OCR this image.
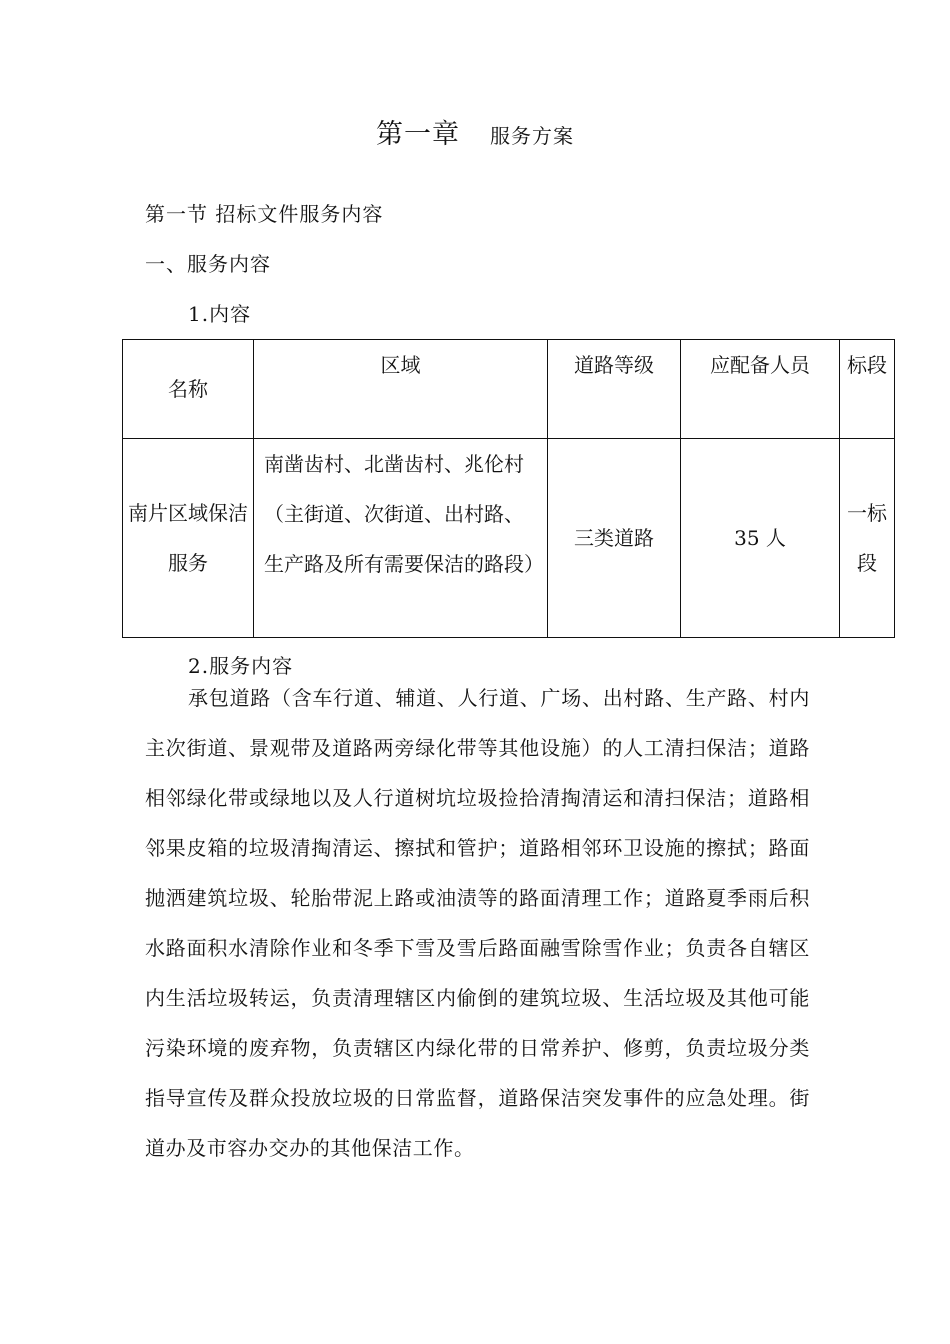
第一章 服务方案
第一节 招标文件服务内容
一、服务内容
1.内容
名称	区域	道路等级	应配备人员	标段
南片区域保洁服务	南凿齿村、北凿齿村、兆伦村（主街道、次街道、出村路、生产路及所有需要保洁的路段）	三类道路	35 人	一标段
2.服务内容

承包道路（含车行道、辅道、人行道、广场、出村路、生产路、村内主次街道、景观带及道路两旁绿化带等其他设施）的人工清扫保洁；道路相邻绿化带或绿地以及人行道树坑垃圾捡拾清掏清运和清扫保洁；道路相邻果皮箱的垃圾清掏清运、擦拭和管护；道路相邻环卫设施的擦拭；路面抛洒建筑垃圾、轮胎带泥上路或油渍等的路面清理工作；道路夏季雨后积水路面积水清除作业和冬季下雪及雪后路面融雪除雪作业；负责各自辖区内生活垃圾转运，负责清理辖区内偷倒的建筑垃圾、生活垃圾及其他可能污染环境的废弃物，负责辖区内绿化带的日常养护、修剪，负责垃圾分类指导宣传及群众投放垃圾的日常监督，道路保洁突发事件的应急处理。街道办及市容办交办的其他保洁工作。
